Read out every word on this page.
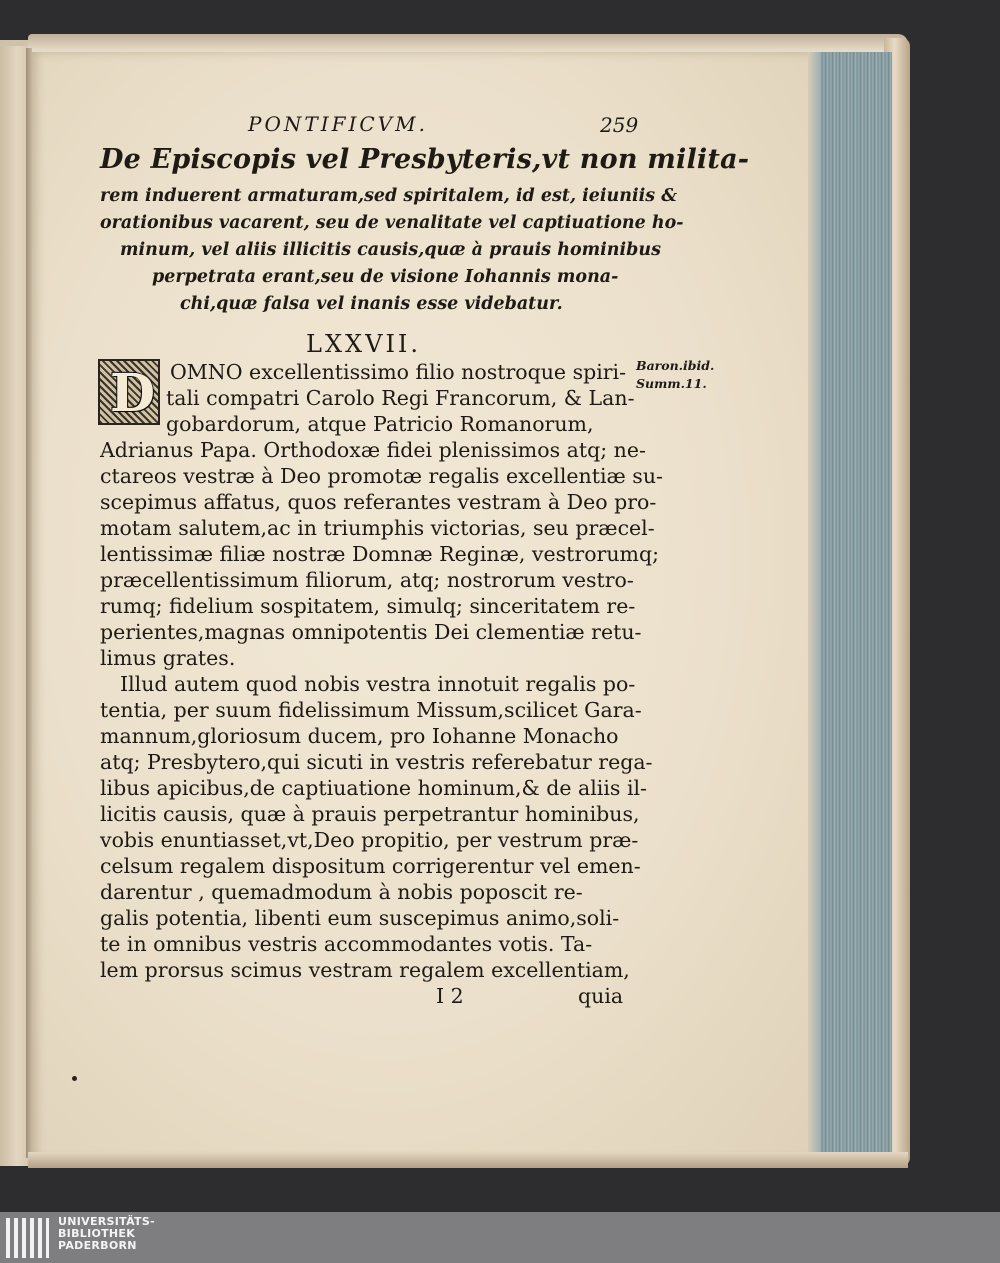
PONTIFICVM.	259
De Episcopis vel Presbyteris,vt non milita-
rem induerent armaturam,sed spiritalem, id est, ieiuniis &
orationibus vacarent, seu de venalitate vel captiuatione ho-
minum, vel aliis illicitis causis,quæ à prauis hominibus
perpetrata erant,seu de visione Iohannis mona-
chi,quæ falsa vel inanis esse videbatur.
LXXVII.
Baron.ibid.
Summ.11.
D OMNO excellentissimo filio nostroque spiri-
tali compatri Carolo Regi Francorum, & Lan-
gobardorum, atque Patricio Romanorum,
Adrianus Papa. Orthodoxæ fidei plenissimos atq; ne-
ctareos vestræ à Deo promotæ regalis excellentiæ su-
scepimus affatus, quos referantes vestram à Deo pro-
motam salutem,ac in triumphis victorias, seu præcel-
lentissimæ filiæ nostræ Domnæ Reginæ, vestrorumq;
præcellentissimum filiorum, atq; nostrorum vestro-
rumq; fidelium sospitatem, simulq; sinceritatem re-
perientes,magnas omnipotentis Dei clementiæ retu-
limus grates.
Illud autem quod nobis vestra innotuit regalis po-
tentia, per suum fidelissimum Missum,scilicet Gara-
mannum,gloriosum ducem, pro Iohanne Monacho
atq; Presbytero,qui sicuti in vestris referebatur rega-
libus apicibus,de captiuatione hominum,& de aliis il-
licitis causis, quæ à prauis perpetrantur hominibus,
vobis enuntiasset,vt,Deo propitio, per vestrum præ-
celsum regalem dispositum corrigerentur vel emen-
darentur , quemadmodum à nobis poposcit re-
galis potentia, libenti eum suscepimus animo,soli-
te in omnibus vestris accommodantes votis. Ta-
lem prorsus scimus vestram regalem excellentiam,
I 2	quia
UNIVERSITÄTS-
BIBLIOTHEK
PADERBORN
